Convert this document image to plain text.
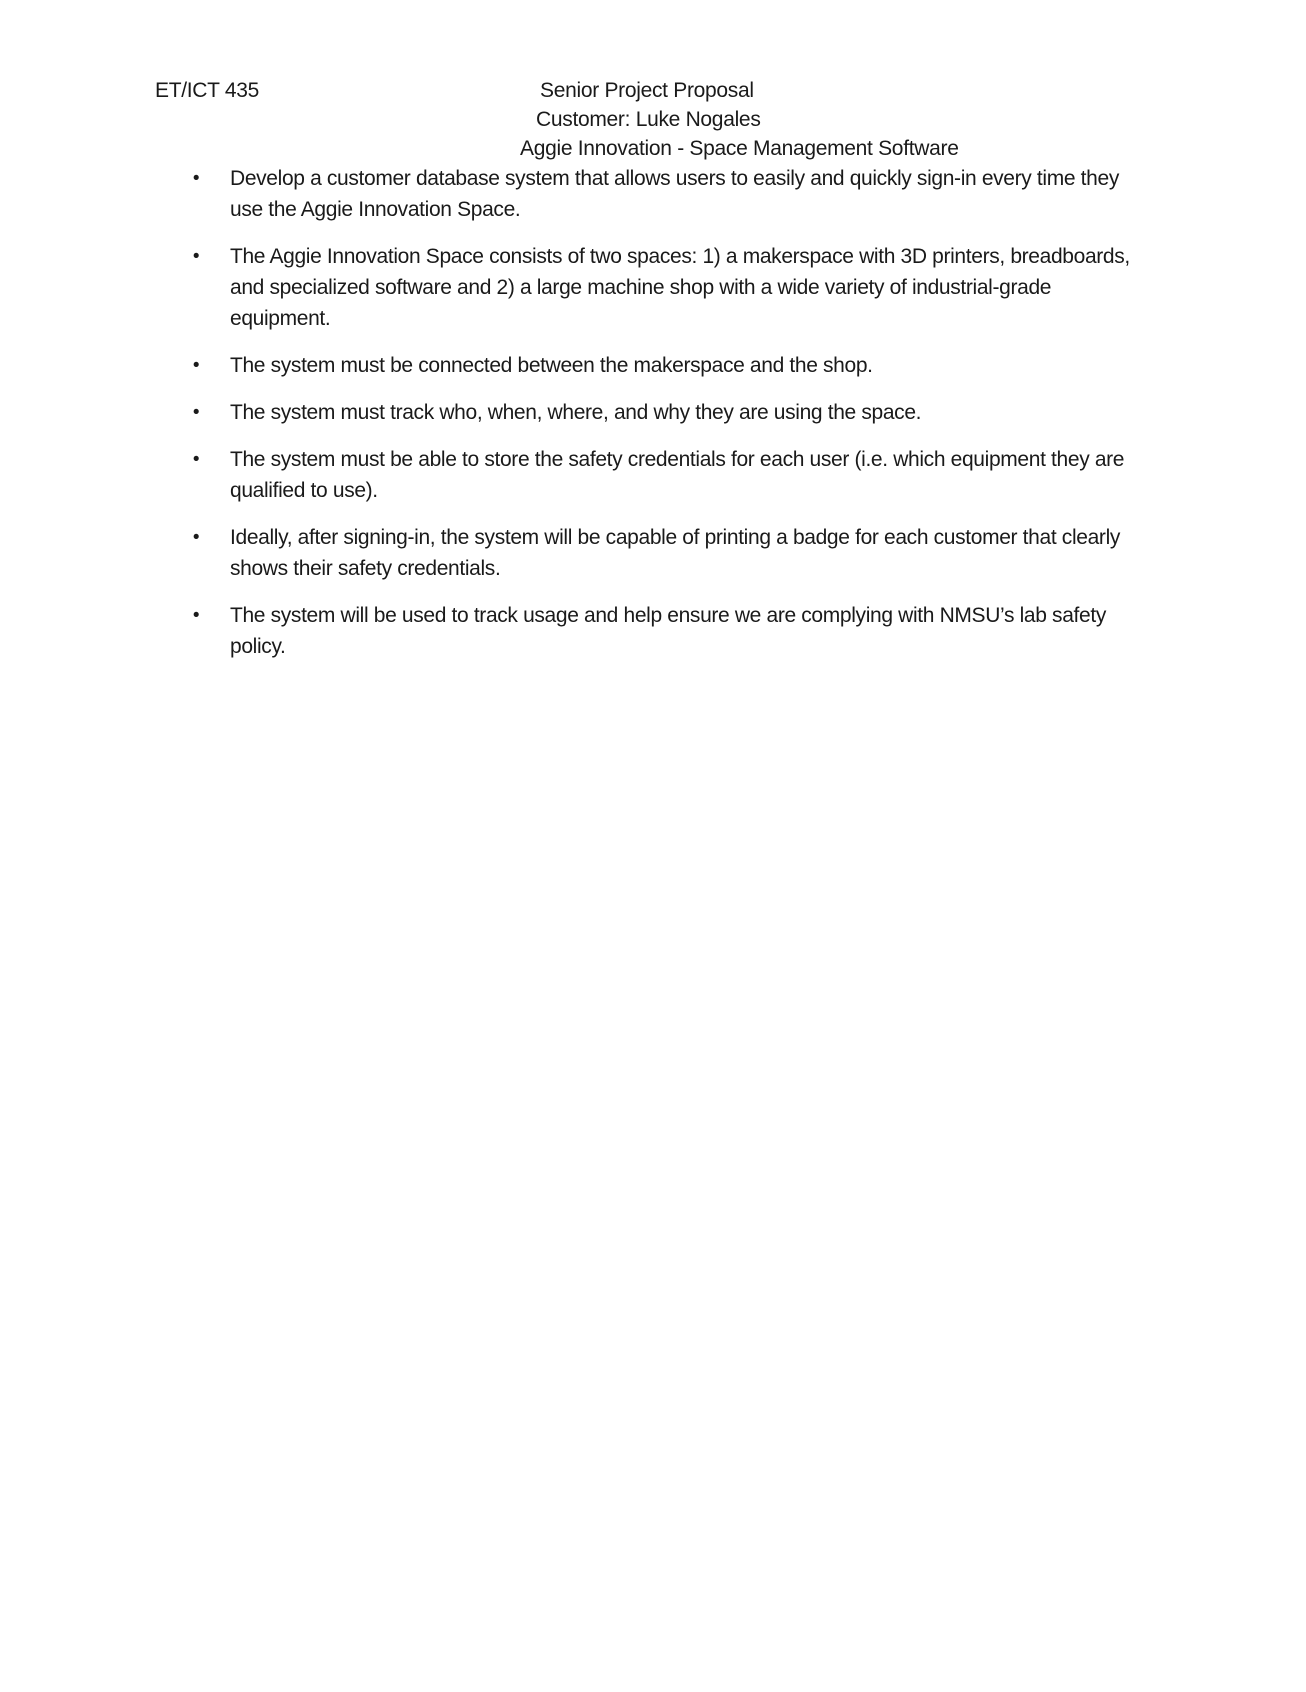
ET/ICT 435	Senior Project Proposal
Customer: Luke Nogales
Aggie Innovation - Space Management Software
• Develop a customer database system that allows users to easily and quickly sign-in every time they use the Aggie Innovation Space.
• The Aggie Innovation Space consists of two spaces: 1) a makerspace with 3D printers, breadboards, and specialized software and 2) a large machine shop with a wide variety of industrial-grade equipment.
• The system must be connected between the makerspace and the shop.
• The system must track who, when, where, and why they are using the space.
• The system must be able to store the safety credentials for each user (i.e. which equipment they are qualified to use).
• Ideally, after signing-in, the system will be capable of printing a badge for each customer that clearly shows their safety credentials.
• The system will be used to track usage and help ensure we are complying with NMSU’s lab safety policy.
